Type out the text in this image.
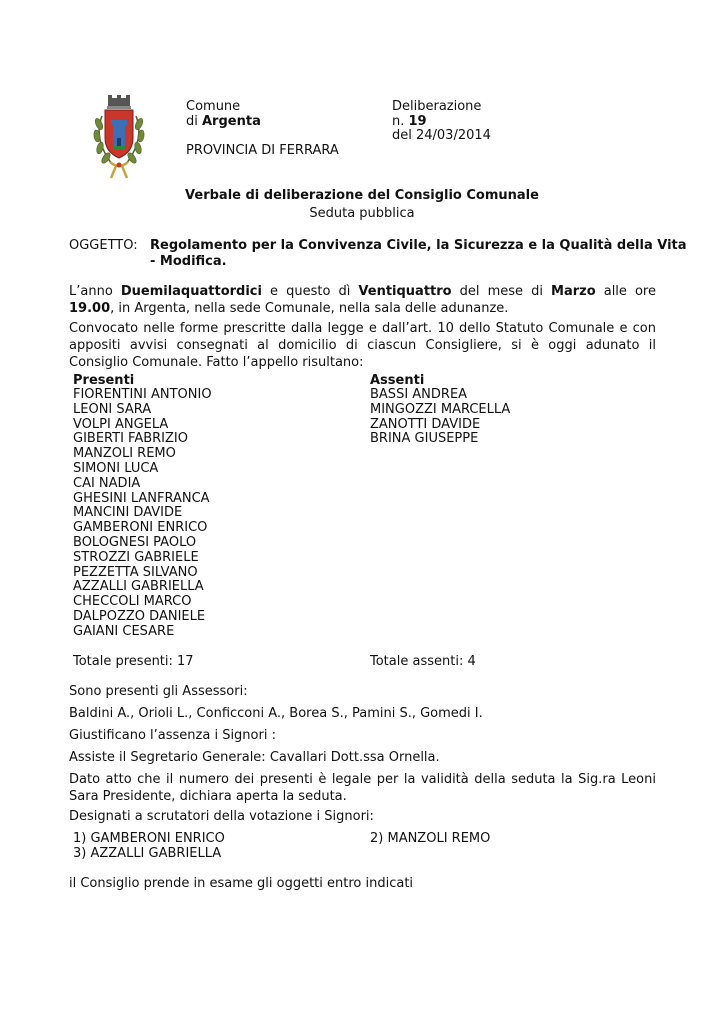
Comune
di Argenta
PROVINCIA DI FERRARA
Deliberazione
n. 19
del 24/03/2014
Verbale di deliberazione del Consiglio Comunale
Seduta pubblica
OGGETTO: Regolamento per la Convivenza Civile, la Sicurezza e la Qualità della Vita
- Modifica.
L’anno Duemilaquattordici e questo dì Ventiquattro del mese di Marzo alle ore 19.00, in Argenta, nella sede Comunale, nella sala delle adunanze.
Convocato nelle forme prescritte dalla legge e dall’art. 10 dello Statuto Comunale e con appositi avvisi consegnati al domicilio di ciascun Consigliere, si è oggi adunato il Consiglio Comunale. Fatto l’appello risultano:
Presenti
FIORENTINI ANTONIO
LEONI SARA
VOLPI ANGELA
GIBERTI FABRIZIO
MANZOLI REMO
SIMONI LUCA
CAI NADIA
GHESINI LANFRANCA
MANCINI DAVIDE
GAMBERONI ENRICO
BOLOGNESI PAOLO
STROZZI GABRIELE
PEZZETTA SILVANO
AZZALLI GABRIELLA
CHECCOLI MARCO
DALPOZZO DANIELE
GAIANI CESARE
Assenti
BASSI ANDREA
MINGOZZI MARCELLA
ZANOTTI DAVIDE
BRINA GIUSEPPE
Totale presenti: 17	Totale assenti: 4
Sono presenti gli Assessori:
Baldini A., Orioli L., Conficconi A., Borea S., Pamini S., Gomedi I.
Giustificano l’assenza i Signori :
Assiste il Segretario Generale: Cavallari Dott.ssa Ornella.
Dato atto che il numero dei presenti è legale per la validità della seduta la Sig.ra Leoni Sara Presidente, dichiara aperta la seduta.
Designati a scrutatori della votazione i Signori:
1) GAMBERONI ENRICO	2) MANZOLI REMO
3) AZZALLI GABRIELLA
il Consiglio prende in esame gli oggetti entro indicati
